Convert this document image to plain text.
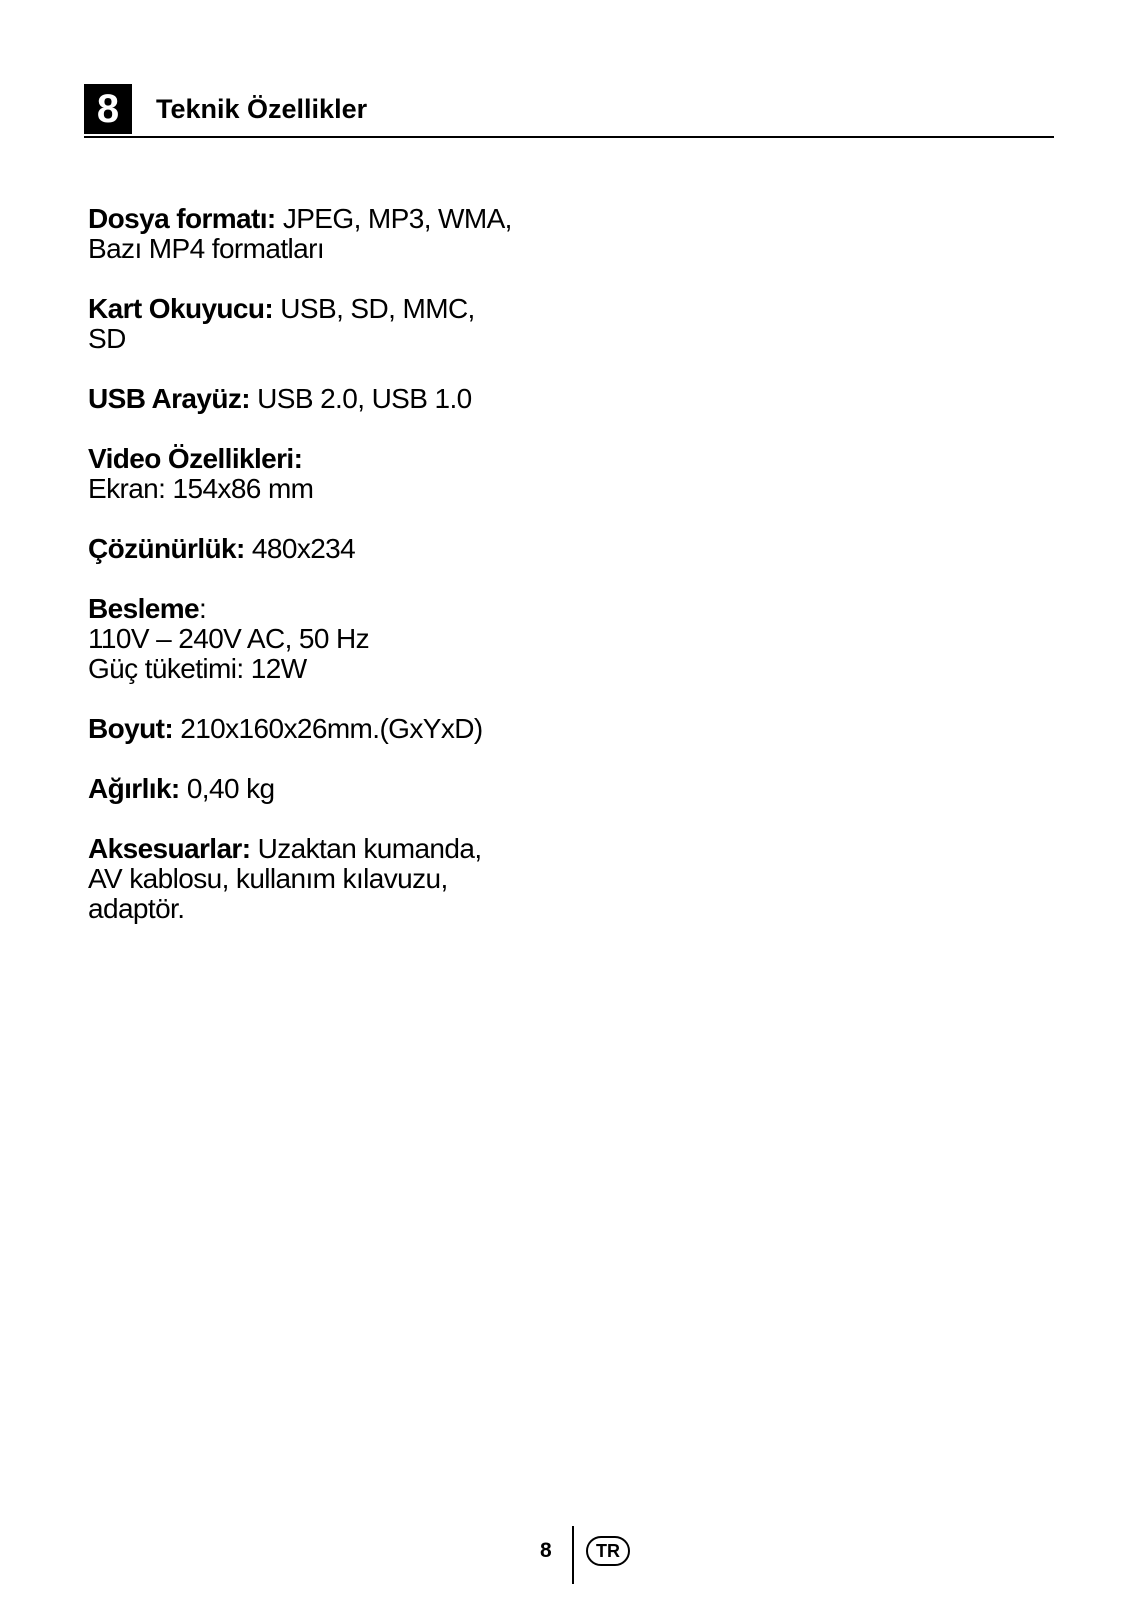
8	Teknik Özellikler
Dosya formatı: JPEG, MP3, WMA,
Bazı MP4 formatları
Kart Okuyucu: USB, SD, MMC,
SD
USB Arayüz: USB 2.0, USB 1.0
Video Özellikleri:
Ekran: 154x86 mm
Çözünürlük: 480x234
Besleme:
110V – 240V AC, 50 Hz
Güç tüketimi: 12W
Boyut: 210x160x26mm.(GxYxD)
Ağırlık: 0,40 kg
Aksesuarlar: Uzaktan kumanda,
AV kablosu, kullanım kılavuzu,
adaptör.
8	TR
